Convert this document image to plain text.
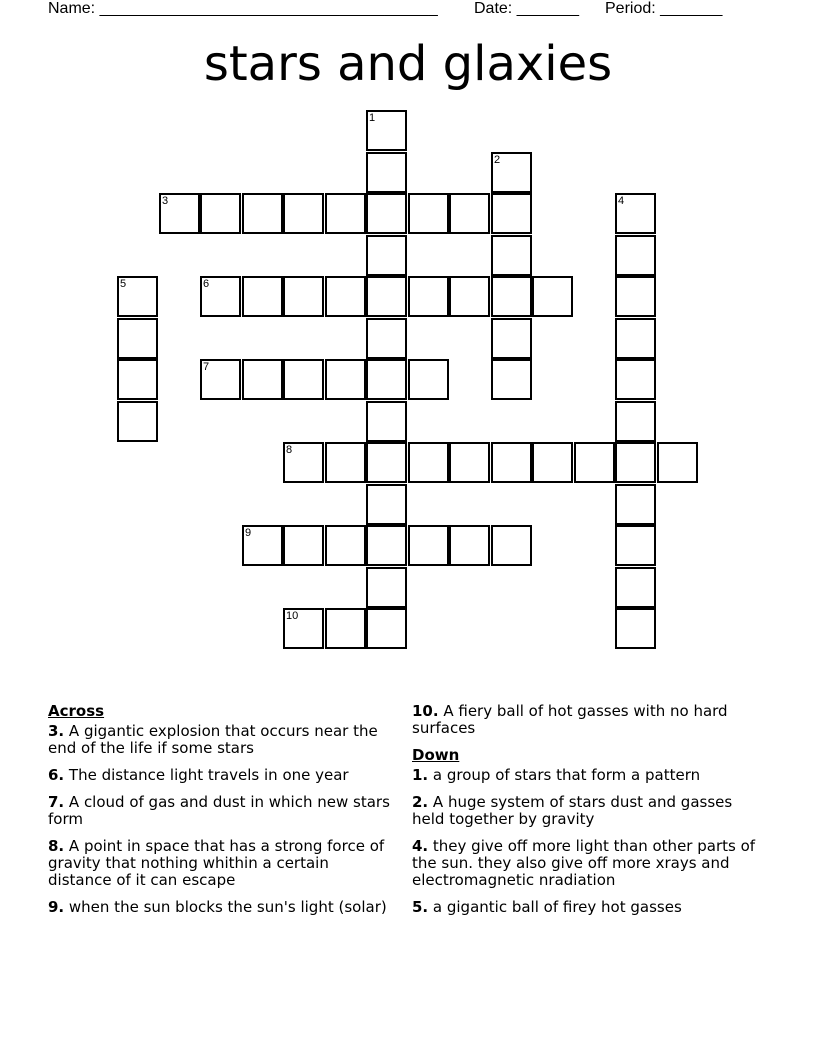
Name: ______________________________________ Date: _______ Period: _______
stars and glaxies
1
2
3	4
5	6
7
8
9
10
Across
3. A gigantic explosion that occurs near the end of the life if some stars
6. The distance light travels in one year
7. A cloud of gas and dust in which new stars form
8. A point in space that has a strong force of gravity that nothing whithin a certain distance of it can escape
9. when the sun blocks the sun's light (solar)
10. A fiery ball of hot gasses with no hard surfaces
Down
1. a group of stars that form a pattern
2. A huge system of stars dust and gasses held together by gravity
4. they give off more light than other parts of the sun. they also give off more xrays and electromagnetic nradiation
5. a gigantic ball of firey hot gasses
